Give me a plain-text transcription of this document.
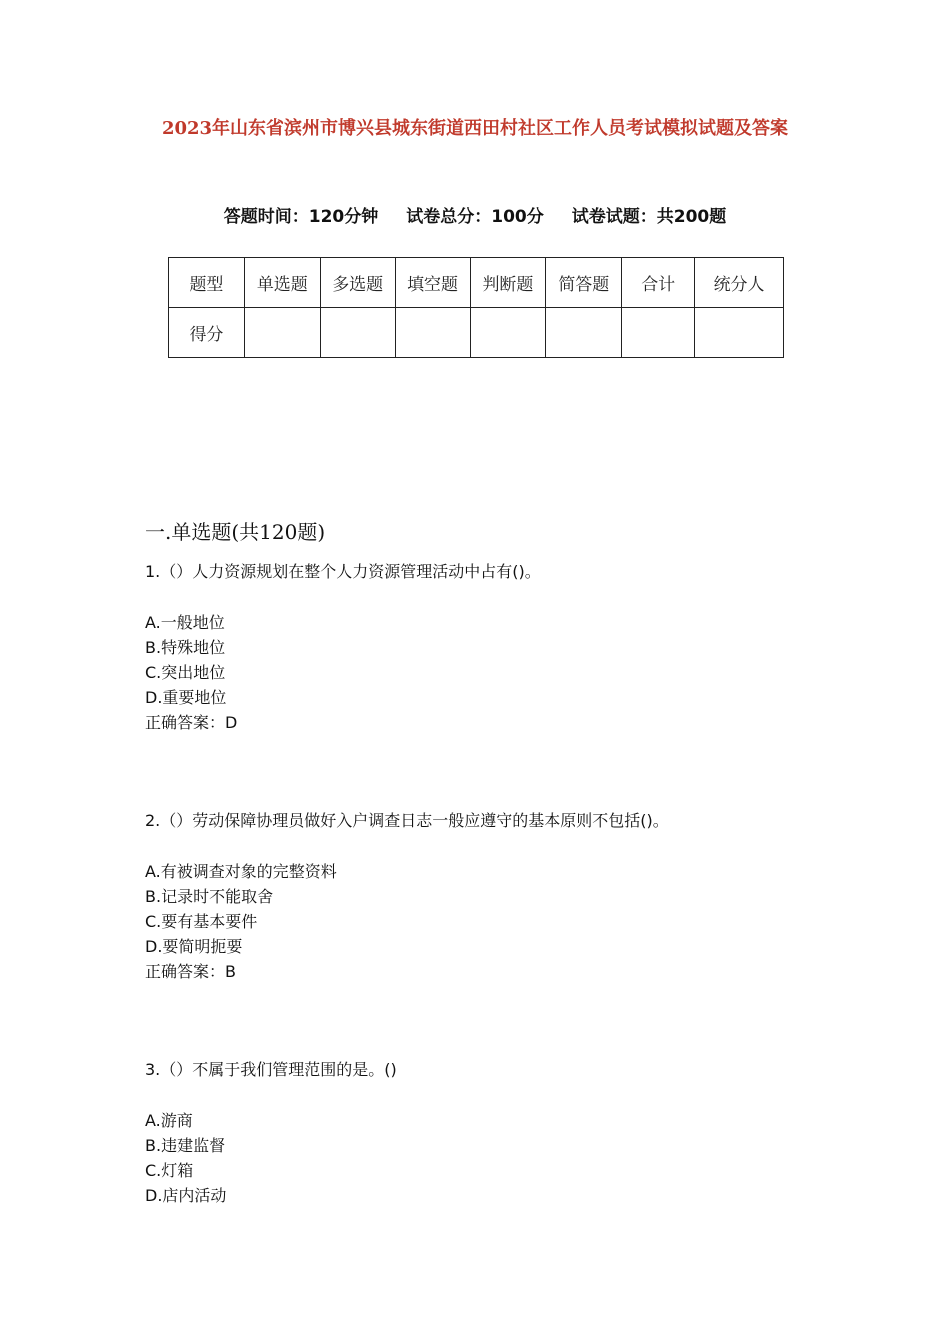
2023年山东省滨州市博兴县城东街道西田村社区工作人员考试模拟试题及答案
答题时间：120分钟 试卷总分：100分 试卷试题：共200题
题型	单选题	多选题	填空题	判断题	简答题	合计	统分人
得分							
一.单选题(共120题)
1.（）人力资源规划在整个人力资源管理活动中占有()。
A.一般地位
B.特殊地位
C.突出地位
D.重要地位
正确答案：D
2.（）劳动保障协理员做好入户调查日志一般应遵守的基本原则不包括()。
A.有被调查对象的完整资料
B.记录时不能取舍
C.要有基本要件
D.要简明扼要
正确答案：B
3.（）不属于我们管理范围的是。()
A.游商
B.违建监督
C.灯箱
D.店内活动
